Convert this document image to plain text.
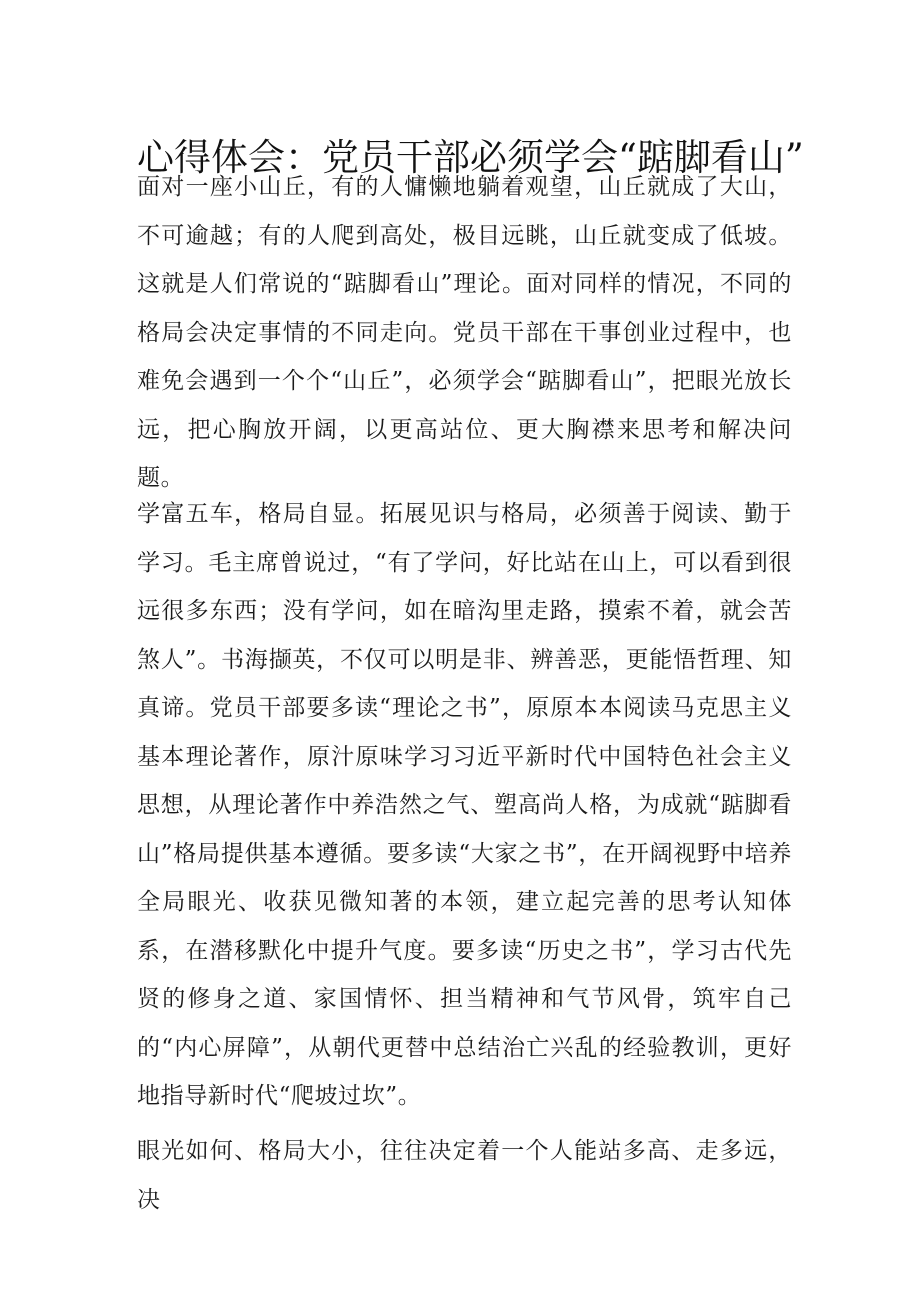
心得体会：党员干部必须学会“踮脚看山”

面对一座小山丘，有的人慵懒地躺着观望，山丘就成了大山，不可逾越；有的人爬到高处，极目远眺，山丘就变成了低坡。这就是人们常说的“踮脚看山”理论。面对同样的情况，不同的格局会决定事情的不同走向。党员干部在干事创业过程中，也难免会遇到一个个“山丘”，必须学会“踮脚看山”，把眼光放长远，把心胸放开阔，以更高站位、更大胸襟来思考和解决问题。

学富五车，格局自显。拓展见识与格局，必须善于阅读、勤于学习。毛主席曾说过，“有了学问，好比站在山上，可以看到很远很多东西；没有学问，如在暗沟里走路，摸索不着，就会苦煞人”。书海撷英，不仅可以明是非、辨善恶，更能悟哲理、知真谛。党员干部要多读“理论之书”，原原本本阅读马克思主义基本理论著作，原汁原味学习习近平新时代中国特色社会主义思想，从理论著作中养浩然之气、塑高尚人格，为成就“踮脚看山”格局提供基本遵循。要多读“大家之书”，在开阔视野中培养全局眼光、收获见微知著的本领，建立起完善的思考认知体系，在潜移默化中提升气度。要多读“历史之书”，学习古代先贤的修身之道、家国情怀、担当精神和气节风骨，筑牢自己的“内心屏障”，从朝代更替中总结治亡兴乱的经验教训，更好地指导新时代“爬坡过坎”。

眼光如何、格局大小，往往决定着一个人能站多高、走多远，决
